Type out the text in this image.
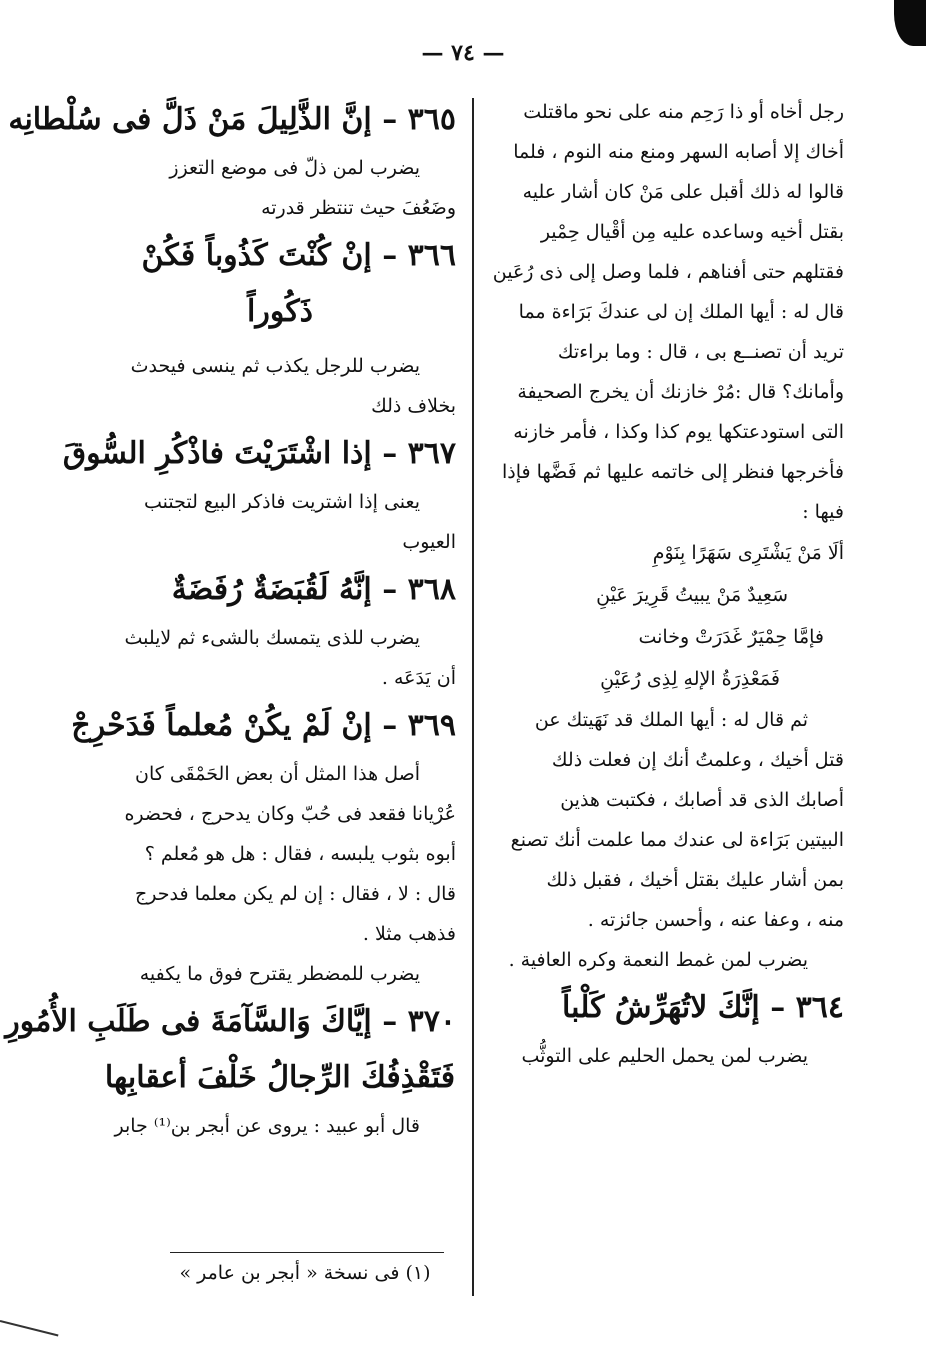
— ٧٤ —

رجل أخاه أو ذا رَحِم منه على نحو ماقتلت

أخاك إلا أصابه السهر ومنع منه النوم ، فلما

قالوا له ذلك أقبل على مَنْ كان أشار عليه

بقتل أخيه وساعده عليه مِن أقْيال حِمْير

فقتلهم حتى أفناهم ، فلما وصل إلى ذى رُعَين

قال له : أيها الملك إن لى عندكَ بَرَاءة مما

تريد أن تصنــع بى ، قال : وما براءتك

وأمانك؟ قال :مُرْ خازنك أن يخرج الصحيفة

التى استودعتكها يوم كذا وكذا ، فأمر خازنه

فأخرجها فنظر إلى خاتمه عليها ثم فَضَّها فإذا

فيها :

ألَا مَنْ يَشْتَرِى سَهَرًا بِنَوْمِ

سَعِيدٌ مَنْ يبيتُ قَرِيرَ عَيْنِ

فإمَّا حِمْيَرٌ غَدَرَتْ وخانت

فَمَعْذِرَةُ الإلهِ لِذِى رُعَيْنِ

ثم قال له : أيها الملك قد نَهَيتك عن

قتل أخيك ، وعلمتُ أنك إن فعلت ذلك

أصابك الذى قد أصابك ، فكتبت هذين

البيتين بَرَاءة لى عندك مما علمت أنك تصنع

بمن أشار عليك بقتل أخيك ، فقبل ذلك

منه ، وعفا عنه ، وأحسن جائزته .

يضرب لمن غمط النعمة وكره العافية .

٣٦٤ – إنَّكَ لاتُهَرِّشُ كَلْباً

يضرب لمن يحمل الحليم على التوثُّب

٣٦٥ – إنَّ الذَّلِيلَ مَنْ ذَلَّ فى سُلْطانِه

يضرب لمن ذلّ فى موضع التعزز

وضَعُفَ حيث تنتظر قدرته

٣٦٦ – إنْ كُنْتَ كَذُوباً فَكُنْ

ذَكُوراً

يضرب للرجل يكذب ثم ينسى فيحدث

بخلاف ذلك

٣٦٧ – إذا اشْتَرَيْتَ فاذْكُرِ السُّوقَ

يعنى إذا اشتريت فاذكر البيع لتجتنب

العيوب

٣٦٨ – إنَّهُ لَقُبَضَةٌ رُفَضَةٌ

يضرب للذى يتمسك بالشىء ثم لايلبث

أن يَدَعَه .

٣٦٩ – إنْ لَمْ يكُنْ مُعلماً فَدَحْرِجْ

أصل هذا المثل أن بعض الحَمْقَى كان

عُرْيانا فقعد فى حُبّ وكان يدحرج ، فحضره

أبوه بثوب يلبسه ، فقال : هل هو مُعلم ؟

قال : لا ، فقال : إن لم يكن معلما فدحرج

فذهب مثلا .

يضرب للمضطر يقترح فوق ما يكفيه

٣٧٠ – إيَّاكَ وَالسَّآمَةَ فى طَلَبِ الأُمُورِ

فَتَقْذِفُكَ الرِّجالُ خَلْفَ أعقابِها

قال أبو عبيد : يروى عن أبجر بن⁽¹⁾ جابر

(١) فى نسخة « أبجر بن عامر »
